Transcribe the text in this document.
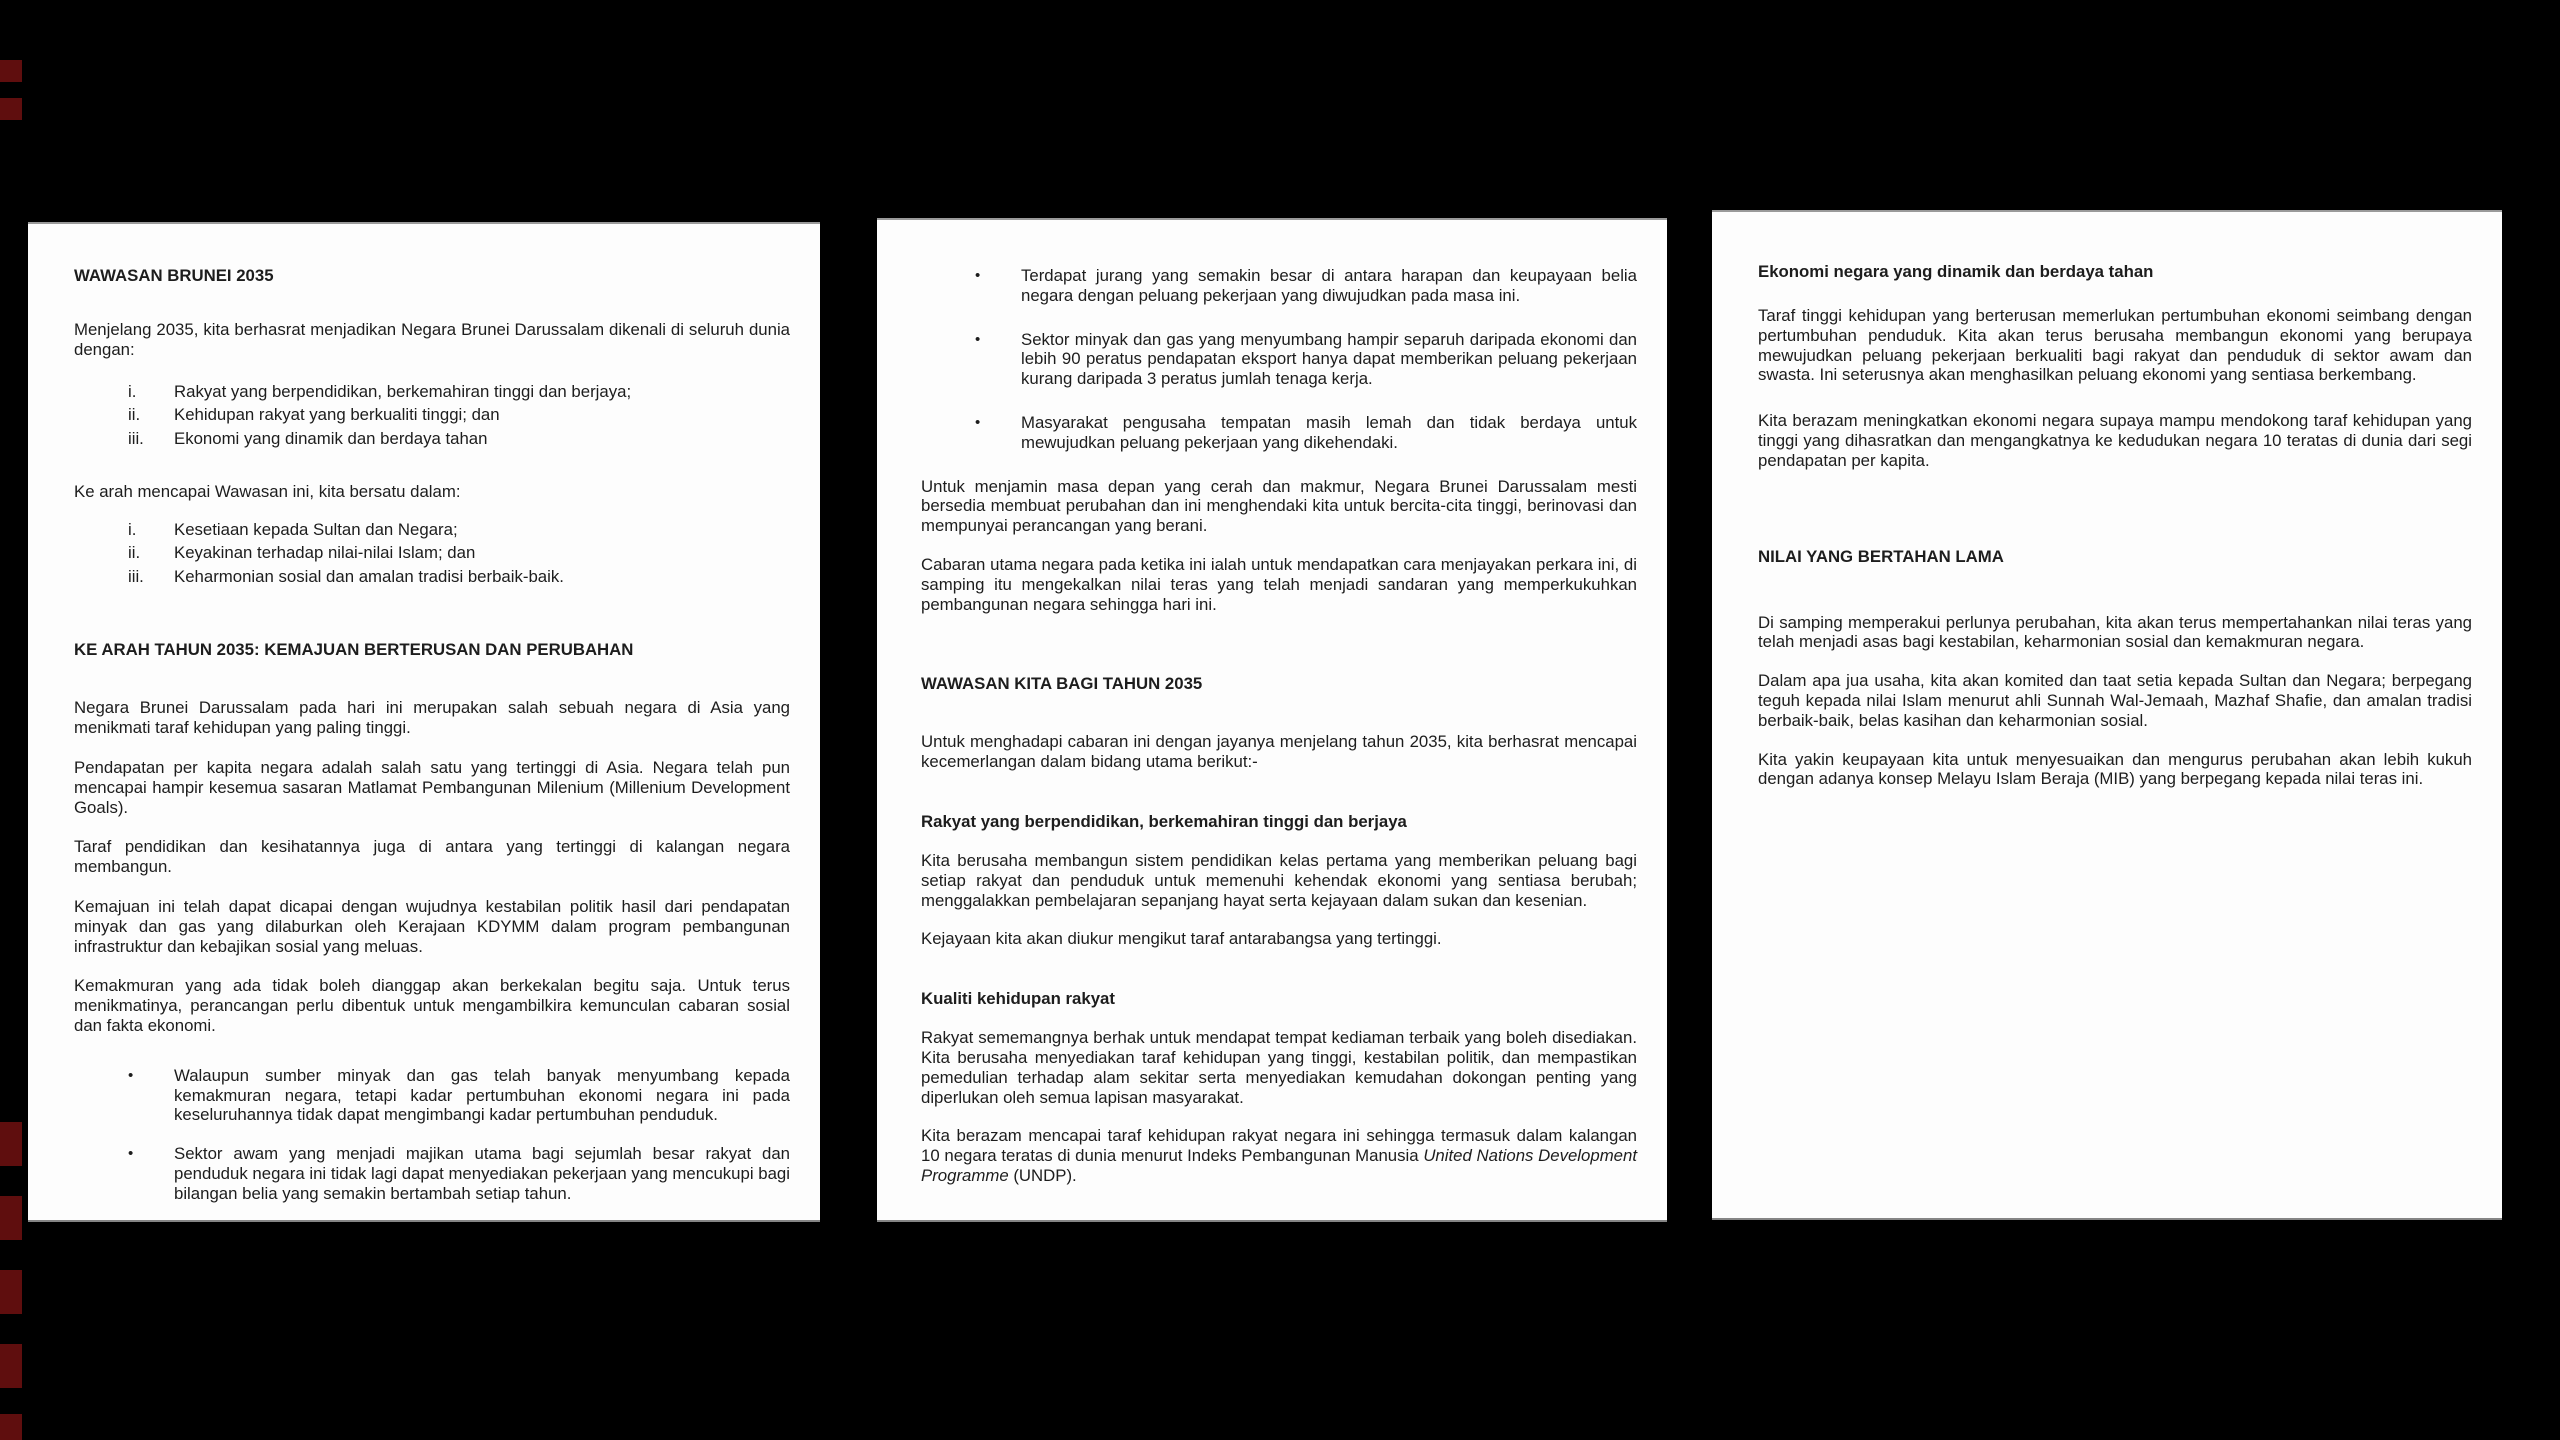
WAWASAN BRUNEI 2035

Menjelang 2035, kita berhasrat menjadikan Negara Brunei Darussalam dikenali di seluruh dunia dengan:

i.	Rakyat yang berpendidikan, berkemahiran tinggi dan berjaya;
ii.	Kehidupan rakyat yang berkualiti tinggi; dan
iii.	Ekonomi yang dinamik dan berdaya tahan

Ke arah mencapai Wawasan ini, kita bersatu dalam:

i.	Kesetiaan kepada Sultan dan Negara;
ii.	Keyakinan terhadap nilai-nilai Islam; dan
iii.	Keharmonian sosial dan amalan tradisi berbaik-baik.
KE ARAH TAHUN 2035: KEMAJUAN BERTERUSAN DAN PERUBAHAN

Negara Brunei Darussalam pada hari ini merupakan salah sebuah negara di Asia yang menikmati taraf kehidupan yang paling tinggi.

Pendapatan per kapita negara adalah salah satu yang tertinggi di Asia. Negara telah pun mencapai hampir kesemua sasaran Matlamat Pembangunan Milenium (Millenium Development Goals).

Taraf pendidikan dan kesihatannya juga di antara yang tertinggi di kalangan negara membangun.

Kemajuan ini telah dapat dicapai dengan wujudnya kestabilan politik hasil dari pendapatan minyak dan gas yang dilaburkan oleh Kerajaan KDYMM dalam program pembangunan infrastruktur dan kebajikan sosial yang meluas.

Kemakmuran yang ada tidak boleh dianggap akan berkekalan begitu saja. Untuk terus menikmatinya, perancangan perlu dibentuk untuk mengambilkira kemunculan cabaran sosial dan fakta ekonomi.

•	Walaupun sumber minyak dan gas telah banyak menyumbang kepada kemakmuran negara, tetapi kadar pertumbuhan ekonomi negara ini pada keseluruhannya tidak dapat mengimbangi kadar pertumbuhan penduduk.
•	Sektor awam yang menjadi majikan utama bagi sejumlah besar rakyat dan penduduk negara ini tidak lagi dapat menyediakan pekerjaan yang mencukupi bagi bilangan belia yang semakin bertambah setiap tahun.
•	Terdapat jurang yang semakin besar di antara harapan dan keupayaan belia negara dengan peluang pekerjaan yang diwujudkan pada masa ini.
•	Sektor minyak dan gas yang menyumbang hampir separuh daripada ekonomi dan lebih 90 peratus pendapatan eksport hanya dapat memberikan peluang pekerjaan kurang daripada 3 peratus jumlah tenaga kerja.
•	Masyarakat pengusaha tempatan masih lemah dan tidak berdaya untuk mewujudkan peluang pekerjaan yang dikehendaki.

Untuk menjamin masa depan yang cerah dan makmur, Negara Brunei Darussalam mesti bersedia membuat perubahan dan ini menghendaki kita untuk bercita-cita tinggi, berinovasi dan mempunyai perancangan yang berani.

Cabaran utama negara pada ketika ini ialah untuk mendapatkan cara menjayakan perkara ini, di samping itu mengekalkan nilai teras yang telah menjadi sandaran yang memperkukuhkan pembangunan negara sehingga hari ini.

WAWASAN KITA BAGI TAHUN 2035

Untuk menghadapi cabaran ini dengan jayanya menjelang tahun 2035, kita berhasrat mencapai kecemerlangan dalam bidang utama berikut:-

Rakyat yang berpendidikan, berkemahiran tinggi dan berjaya

Kita berusaha membangun sistem pendidikan kelas pertama yang memberikan peluang bagi setiap rakyat dan penduduk untuk memenuhi kehendak ekonomi yang sentiasa berubah; menggalakkan pembelajaran sepanjang hayat serta kejayaan dalam sukan dan kesenian.

Kejayaan kita akan diukur mengikut taraf antarabangsa yang tertinggi.

Kualiti kehidupan rakyat

Rakyat sememangnya berhak untuk mendapat tempat kediaman terbaik yang boleh disediakan. Kita berusaha menyediakan taraf kehidupan yang tinggi, kestabilan politik, dan mempastikan pemedulian terhadap alam sekitar serta menyediakan kemudahan dokongan penting yang diperlukan oleh semua lapisan masyarakat.

Kita berazam mencapai taraf kehidupan rakyat negara ini sehingga termasuk dalam kalangan 10 negara teratas di dunia menurut Indeks Pembangunan Manusia United Nations Development Programme (UNDP).

Ekonomi negara yang dinamik dan berdaya tahan

Taraf tinggi kehidupan yang berterusan memerlukan pertumbuhan ekonomi seimbang dengan pertumbuhan penduduk. Kita akan terus berusaha membangun ekonomi yang berupaya mewujudkan peluang pekerjaan berkualiti bagi rakyat dan penduduk di sektor awam dan swasta. Ini seterusnya akan menghasilkan peluang ekonomi yang sentiasa berkembang.

Kita berazam meningkatkan ekonomi negara supaya mampu mendokong taraf kehidupan yang tinggi yang dihasratkan dan mengangkatnya ke kedudukan negara 10 teratas di dunia dari segi pendapatan per kapita.

NILAI YANG BERTAHAN LAMA

Di samping memperakui perlunya perubahan, kita akan terus mempertahankan nilai teras yang telah menjadi asas bagi kestabilan, keharmonian sosial dan kemakmuran negara.

Dalam apa jua usaha, kita akan komited dan taat setia kepada Sultan dan Negara; berpegang teguh kepada nilai Islam menurut ahli Sunnah Wal-Jemaah, Mazhaf Shafie, dan amalan tradisi berbaik-baik, belas kasihan dan keharmonian sosial.

Kita yakin keupayaan kita untuk menyesuaikan dan mengurus perubahan akan lebih kukuh dengan adanya konsep Melayu Islam Beraja (MIB) yang berpegang kepada nilai teras ini.
